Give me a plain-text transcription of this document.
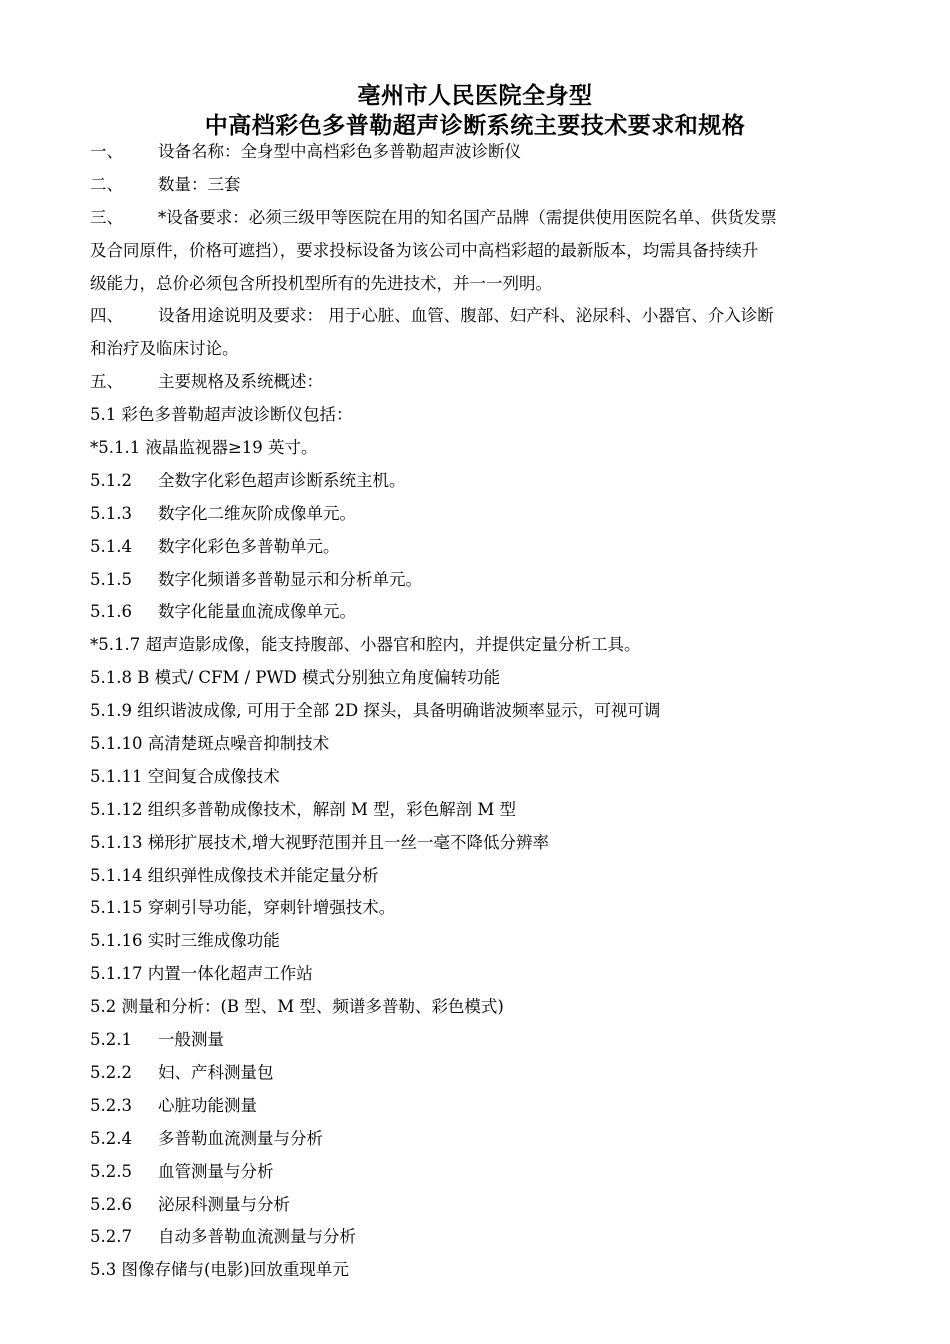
亳州市人民医院全身型
中高档彩色多普勒超声诊断系统主要技术要求和规格
一、 设备名称：全身型中高档彩色多普勒超声波诊断仪
二、 数量：三套
三、 *设备要求：必须三级甲等医院在用的知名国产品牌（需提供使用医院名单、供货发票
及合同原件，价格可遮挡），要求投标设备为该公司中高档彩超的最新版本，均需具备持续升
级能力，总价必须包含所投机型所有的先进技术，并一一列明。
四、 设备用途说明及要求： 用于心脏、血管、腹部、妇产科、泌尿科、小器官、介入诊断
和治疗及临床讨论。
五、 主要规格及系统概述：
5.1 彩色多普勒超声波诊断仪包括：
*5.1.1 液晶监视器≥19 英寸。
5.1.2 全数字化彩色超声诊断系统主机。
5.1.3 数字化二维灰阶成像单元。
5.1.4 数字化彩色多普勒单元。
5.1.5 数字化频谱多普勒显示和分析单元。
5.1.6 数字化能量血流成像单元。
*5.1.7 超声造影成像，能支持腹部、小器官和腔内，并提供定量分析工具。
5.1.8 B 模式/ CFM / PWD 模式分别独立角度偏转功能
5.1.9 组织谐波成像, 可用于全部 2D 探头，具备明确谐波频率显示，可视可调
5.1.10 高清楚斑点噪音抑制技术
5.1.11 空间复合成像技术
5.1.12 组织多普勒成像技术，解剖 M 型，彩色解剖 M 型
5.1.13 梯形扩展技术,增大视野范围并且一丝一毫不降低分辨率
5.1.14 组织弹性成像技术并能定量分析
5.1.15 穿刺引导功能，穿刺针增强技术。
5.1.16 实时三维成像功能
5.1.17 内置一体化超声工作站
5.2 测量和分析：(B 型、M 型、频谱多普勒、彩色模式)
5.2.1 一般测量
5.2.2 妇、产科测量包
5.2.3 心脏功能测量
5.2.4 多普勒血流测量与分析
5.2.5 血管测量与分析
5.2.6 泌尿科测量与分析
5.2.7 自动多普勒血流测量与分析
5.3 图像存储与(电影)回放重现单元
